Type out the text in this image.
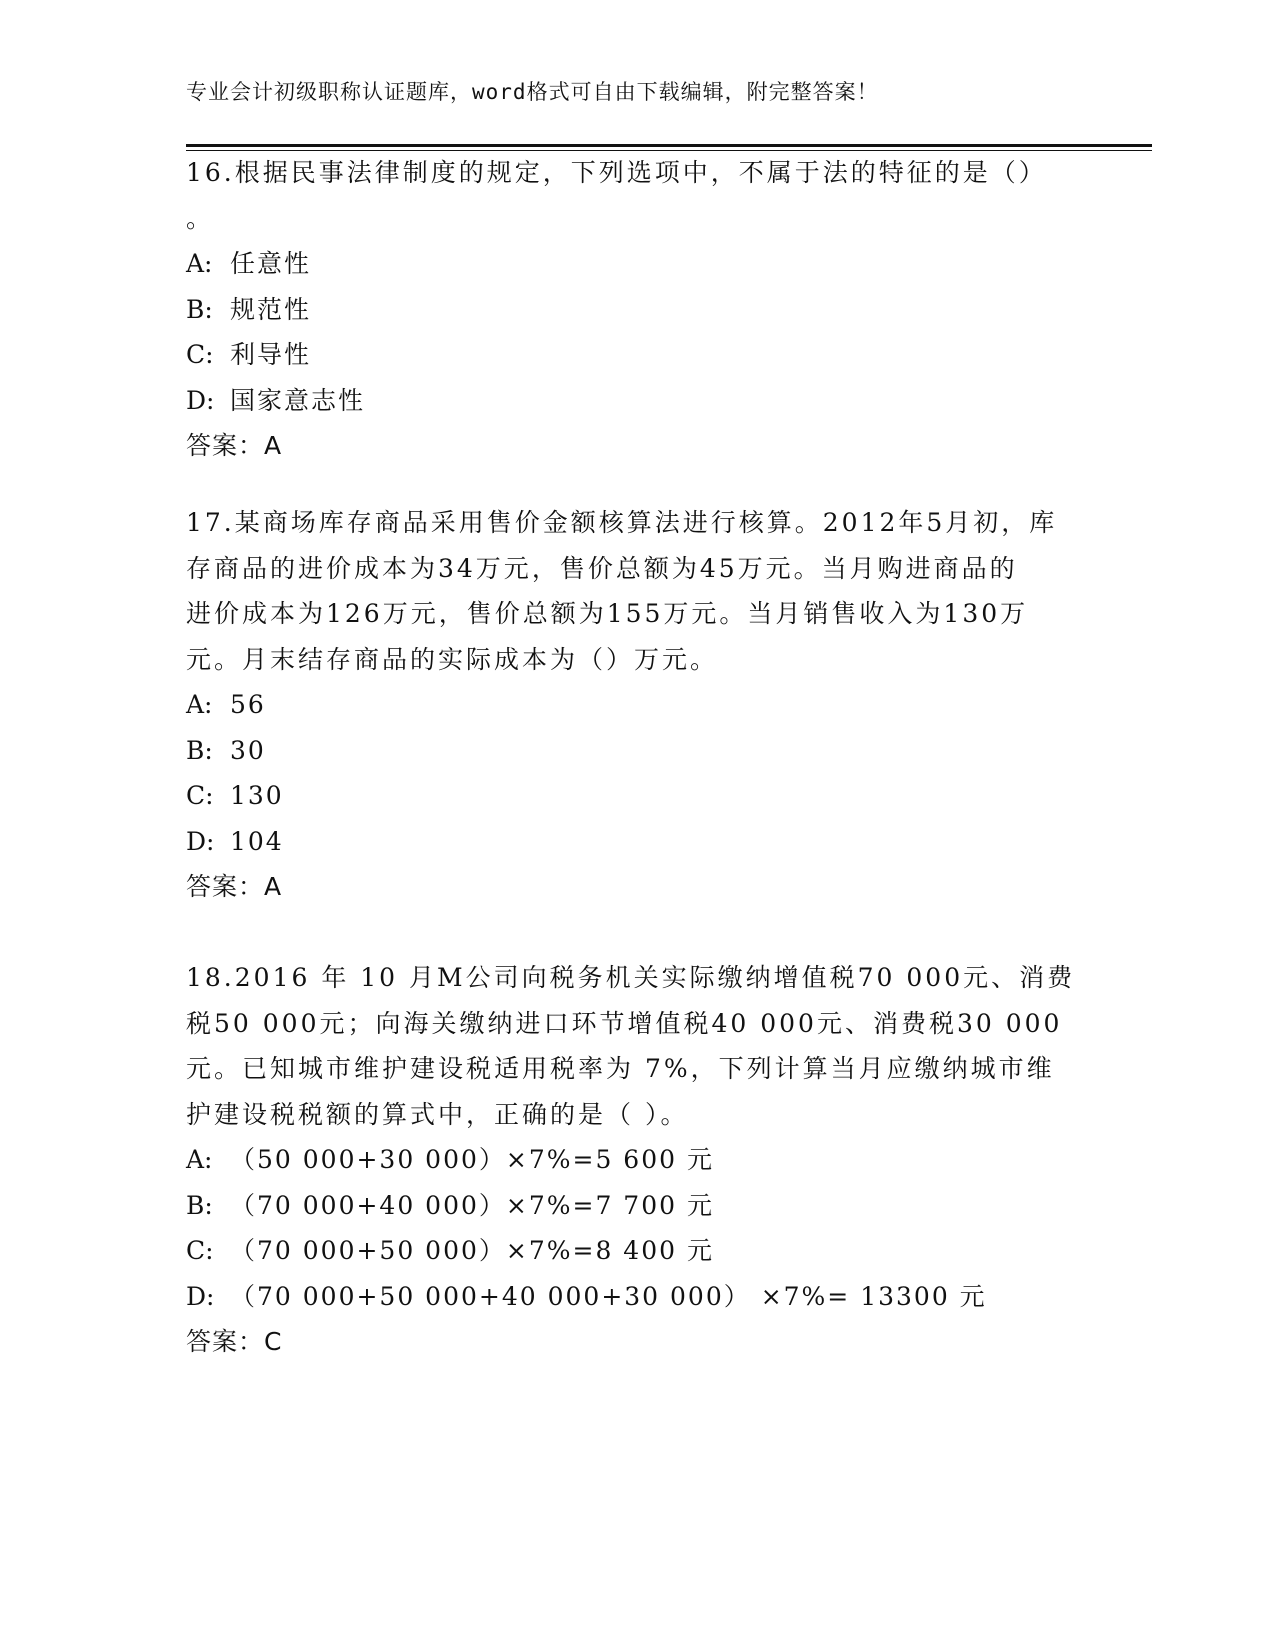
专业会计初级职称认证题库，word格式可自由下载编辑，附完整答案！
16.根据民事法律制度的规定，下列选项中，不属于法的特征的是（）
。
A: 任意性
B: 规范性
C: 利导性
D: 国家意志性
答案：A
17.某商场库存商品采用售价金额核算法进行核算。2012年5月初，库
存商品的进价成本为34万元，售价总额为45万元。当月购进商品的
进价成本为126万元，售价总额为155万元。当月销售收入为130万
元。月末结存商品的实际成本为（）万元。
A: 56
B: 30
C: 130
D: 104
答案：A
18.2016 年 10 月M公司向税务机关实际缴纳增值税70 000元、消费
税50 000元；向海关缴纳进口环节增值税40 000元、消费税30 000
元。已知城市维护建设税适用税率为 7%，下列计算当月应缴纳城市维
护建设税税额的算式中，正确的是（ ）。
A: （50 000+30 000）×7%=5 600 元
B: （70 000+40 000）×7%=7 700 元
C: （70 000+50 000）×7%=8 400 元
D: （70 000+50 000+40 000+30 000） ×7%= 13300 元
答案：C
